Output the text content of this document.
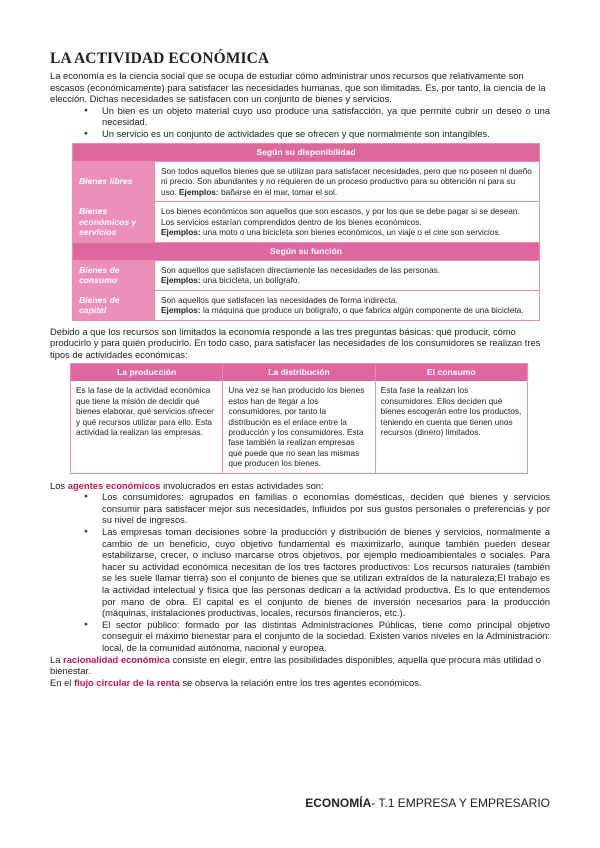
LA ACTIVIDAD ECONÓMICA

La economía es la ciencia social que se ocupa de estudiar cómo administrar unos recursos que relativamente son escasos (económicamente) para satisfacer las necesidades humanas, que son ilimitadas. Es, por tanto, la ciencia de la elección. Dichas necesidades se satisfacen con un conjunto de bienes y servicios.

● Un bien es un objeto material cuyo uso produce una satisfacción, ya que permite cubrir un deseo o una necesidad.
● Un servicio es un conjunto de actividades que se ofrecen y que normalmente son intangibles.
Según su disponibilidad
Bienes libres
Son todos aquellos bienes que se utilizan para satisfacer necesidades, pero que no poseen ni dueño ni precio. Son abundantes y no requieren de un proceso productivo para su obtención ni para su uso. Ejemplos: bañarse en el mar, tomar el sol.
Bienes económicos y servicios
Los bienes económicos son aquellos que son escasos, y por los que se debe pagar si se desean. Los servicios estarían comprendidos dentro de los bienes económicos.
Ejemplos: una moto o una bicicleta son bienes económicos, un viaje o el cine son servicios.
Según su función
Bienes de consumo
Son aquellos que satisfacen directamente las necesidades de las personas.
Ejemplos: una bicicleta, un bolígrafo.
Bienes de capital
Son aquellos que satisfacen las necesidades de forma indirecta.
Ejemplos: la máquina que produce un bolígrafo, o que fabrica algún componente de una bicicleta.

Debido a que los recursos son limitados la economía responde a las tres preguntas básicas: qué producir, cómo producirlo y para quién producirlo. En todo caso, para satisfacer las necesidades de los consumidores se realizan tres tipos de actividades económicas:

La producción
Es la fase de la actividad económica que tiene la misión de decidir qué bienes elaborar, qué servicios ofrecer y qué recursos utilizar para ello. Esta actividad la realizan las empresas.
La distribución
Una vez se han producido los bienes estos han de llegar a los consumidores, por tanto la distribución es el enlace entre la producción y los consumidores. Esta fase también la realizan empresas que puede que no sean las mismas que producen los bienes.
El consumo
Esta fase la realizan los consumidores. Ellos deciden qué bienes escogerán entre los productos, teniendo en cuenta que tienen unos recursos (dinero) limitados.

Los agentes económicos involucrados en estas actividades son:

● Los consumidores: agrupados en familias o economías domésticas, deciden qué bienes y servicios consumir para satisfacer mejor sus necesidades, influidos por sus gustos personales o preferencias y por su nivel de ingresos.
● Las empresas toman decisiones sobre la producción y distribución de bienes y servicios, normalmente a cambio de un beneficio, cuyo objetivo fundamental es maximizarlo, aunque también pueden desear estabilizarse, crecer, o incluso marcarse otros objetivos, por ejemplo medioambientales o sociales. Para hacer su actividad económica necesitan de los tres factores productivos: Los recursos naturales (también se les suele llamar tierra) son el conjunto de bienes que se utilizan extraídos de la naturaleza;El trabajo es la actividad intelectual y física que las personas dedican a la actividad productiva. Es lo que entendemos por mano de obra. El capital es el conjunto de bienes de inversión necesarios para la producción (máquinas, instalaciones productivas, locales, recursos financieros, etc.).
● El sector público: formado por las distintas Administraciones Públicas, tiene como principal objetivo conseguir el máximo bienestar para el conjunto de la sociedad. Existen varios niveles en la Administración: local, de la comunidad autónoma, nacional y europea.

La racionalidad económica consiste en elegir, entre las posibilidades disponibles, aquella que procura más utilidad o bienestar.

En el flujo circular de la renta se observa la relación entre los tres agentes económicos.

ECONOMÍA- T.1 EMPRESA Y EMPRESARIO
